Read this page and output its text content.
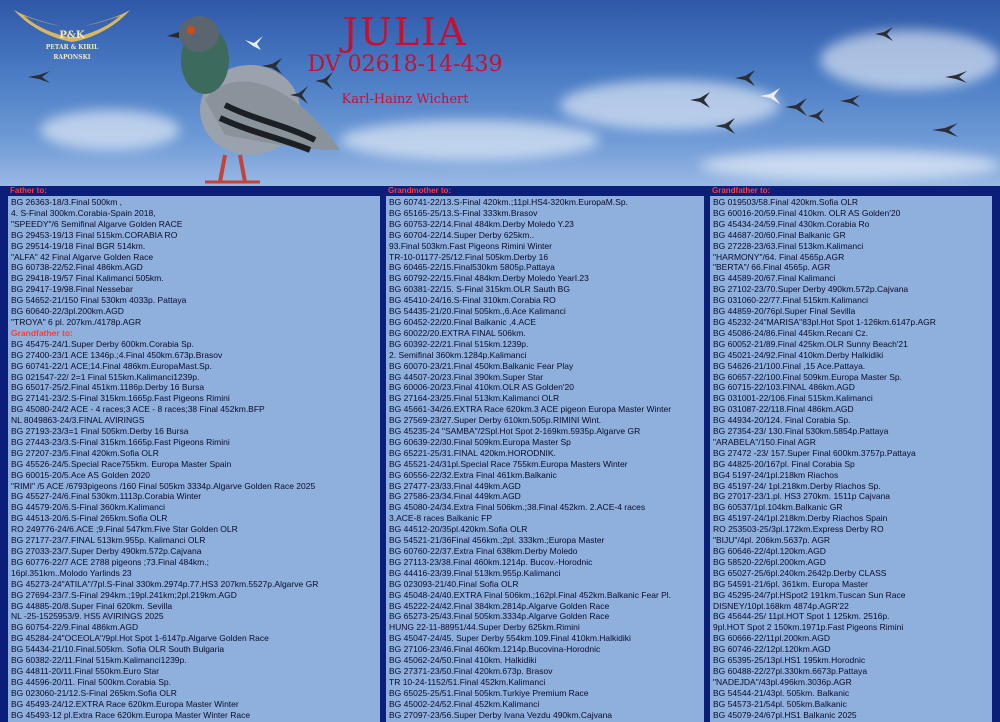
P&K
PETAR & KIRIL
RAPONSKI
JULIA
DV 02618-14-439
Karl-Hainz Wichert
Father to:
BG 26363-18/3.Final 500km ,
4. S-Final 300km.Corabia-Spain 2018,
"SPEEDY"/6 Semifinal Algarve Golden RACE
BG 29453-19/13 Final 515km.CORABIA RO
BG 29514-19/18 Final BGR 514km.
"ALFA" 42 Final Algarve Golden Race
BG 60738-22/52.Final 486km.AGD
BG 29418-19/57 Final Kalimanci 505km.
BG 29417-19/98.Final Nessebar
BG 54652-21/150 Final 530km 4033p. Pattaya
BG 60640-22/3pl.200km.AGD
"TROYA" 6 pl. 207km./4178p.AGR
Grandfather to:
BG 45475-24/1.Super Derby 600km.Corabia Sp.
BG 27400-23/1 ACE 1346p.;4.Final 450km.673p.Brasov
BG 60741-22/1 ACE;14.Final 486km.EuropaMast.Sp.
BG 021547-22/ 2=1 Final 515km.Kalimanci1239p.
BG 65017-25/2.Final 451km.1186p.Derby 16 Bursa
BG 27141-23/2.S-Final 315km.1665p.Fast Pigeons Rimini
BG 45080-24/2 ACE - 4 races;3 ACE - 8 races;38 Final 452km.BFP
NL 8049863-24/3.FINAL AVIRINGS
BG 27193-23/3=1 Final 505km.Derby 16 Bursa
BG 27443-23/3.S-Final 315km.1665p.Fast Pigeons Rimini
BG 27207-23/5.Final 420km.Sofia OLR
BG 45526-24/5.Special Race755km. Europa Master Spain
BG 60015-20/5.Ace AS Golden 2020
"RIMI" /5 ACE /6793pigeons /160 Final 505km 3334p.Algarve Golden Race 2025
BG 45527-24/6.Final 530km.1113p.Corabia Winter
BG 44579-20/6.S-Final 360km.Kalimanci
BG 44513-20/6.S-Final 265km.Sofia OLR
RO 249776-24/6.ACE ;9.Final 547km.Five Star Golden OLR
BG 27177-23/7.FINAL 513km.955p. Kalimanci OLR
BG 27033-23/7.Super Derby 490km.572p.Cajvana
BG 60776-22/7 ACE 2788 pigeons ;73.Final 484km.;
16pl.351km..Molodo Yarlinds 23
BG 45273-24"ATILA"/7pl.S-Final 330km.2974p.77.HS3 207km.5527p.Algarve GR
BG 27694-23/7.S-Final 294km.;19pl.241km;2pl.219km.AGD
BG 44885-20/8.Super Final 620km. Sevilla
NL -25-1525953/9. HS5 AVIRINGS 2025
BG 60754-22/9.Final 486km.AGD
BG 45284-24"OCEOLA"/9pl.Hot Spot 1-6147p.Algarve Golden Race
BG 54434-21/10.Final.505km. Sofia OLR South Bulgaria
BG 60382-22/11.Final 515km.Kalimanci1239p.
BG 44811-20/11.Final 550km.Euro Star
BG 44596-20/11. Final 500km.Corabia Sp.
BG 023060-21/12.S-Final 265km.Sofia OLR
BG 45493-24/12.EXTRA Race 620km.Europa Master Winter
BG 45493-12 pl.Extra Race 620km.Europa Master Winter Race
Grandmother to:
BG 60741-22/13.S-Final 420km.;11pl.HS4-320km.EuropaM.Sp.
BG 65165-25/13.S-Final 333km.Brasov
BG 60753-22/14.Final 484km.Derby Moledo Y.23
BG 60704-22/14.Super Derby 625km..
93.Final 503km.Fast Pigeons Rimini Winter
TR-10-01177-25/12.Final 505km.Derby 16
BG 60465-22/15.Final530km 5805p.Pattaya
BG 60792-22/15.Final 484km.Derby Moledo YearI.23
BG 60381-22/15. S-Final 315km.OLR Sauth BG
BG 45410-24/16.S-Final 310km.Corabia RO
BG 54435-21/20.Final 505km.,6.Ace Kalimanci
BG 60452-22/20.Final Balkanic ,4.ACE
BG 60022/20.EXTRA FINAL 506km.
BG 60392-22/21.Final 515km.1239p.
2. Semifinal 360km.1284p.Kalimanci
BG 60070-23/21.Final 450km.Balkanic Fear Play
BG 44507-20/23.Final 390km.Super Star
BG 60006-20/23.Final 410km.OLR AS Golden'20
BG 27164-23/25.Final 513km.Kalimanci OLR
BG 45661-34/26.EXTRA Race 620km.3 ACE pigeon Europa Master Winter
BG 27569-23/27.Super Derby 610km.505p.RIMINI Wint.
BG 45235-24 "SAMBA"/2Spl.Hot Spot 2-169km.5935p.Algarve GR
BG 60639-22/30.Final 509km.Europa Master Sp
BG 65221-25/31.FINAL 420km.HORODNIK.
BG 45521-24/31pl.Special Race 755km.Europa Masters Winter
BG 60556-22/32.Extra Final 461km.Balkanic
BG 27477-23/33.Final 449km.AGD
BG 27586-23/34.Final 449km.AGD
BG 45080-24/34.Extra Final 506km.;38.Final 452km. 2.ACE-4 races
3.ACE-8 races Balkanic FP
BG 44512-20/35pl.420km.Sofia OLR
BG 54521-21/36Final 456km.;2pl. 333km.;Europa Master
BG 60760-22/37.Extra Final 638km.Derby Moledo
BG 27113-23/38.Final 460km.1214p. Bucov.-Horodnic
BG 44416-23/39.Final 513km.955p.Kalimanci
BG 023093-21/40.Final Sofia OLR
BG 45048-24/40.EXTRA Final 506km.;162pl.Final 452km.Balkanic Fear Pl.
BG 45222-24/42.Final 384km.2814p.Algarve Golden Race
BG 65273-25/43.Final 505km.3334p.Algarve Golden Race
HUNG 22-11-88951/44.Super Derby 625km.Rimini
BG 45047-24/45. Super Derby 554km.109.Final 410km.Halkidiki
BG 27106-23/46.Final 460km.1214p.Bucovina-Horodnic
BG 45062-24/50.Final 410km. Halkidiki
BG 27371-23/50.Final 420km.673p. Brasov
TR 10-24-1152/51.Final 452km.Kalimanci
BG 65025-25/51.Final 505km.Turkiye Premium Race
BG 45002-24/52.Final 452km.Kalimanci
BG 27097-23/56.Super Derby Ivana Vezdu 490km.Cajvana
Grandfather to:
BG 019503/58.Final 420km.Sofia OLR
BG 60016-20/59.Final 410km. OLR AS Golden'20
BG 45434-24/59.Final 430km.Corabia Ro
BG 44687-20/60.Final Balkanic GR
BG 27228-23/63.Final 513km.Kalimanci
"HARMONY"/64. Final 4565p.AGR
"BERTA"/ 66.Final 4565p. AGR
BG 44589-20/67.Final Kalimanci
BG 27102-23/70.Super Derby 490km.572p.Cajvana
BG 031060-22/77.Final 515km.Kalimanci
BG 44859-20/76pl.Super Final Sevilla
BG 45232-24"MARISA"83pl.Hot Spot 1-126km.6147p.AGR
BG 45086-24/86.Final 445km.Recani Cz.
BG 60052-21/89.Final 425km.OLR Sunny Beach'21
BG 45021-24/92.Final 410km.Derby Halkidiki
BG 54626-21/100.Final ,15 Ace.Pattaya.
BG 60657-22/100.Final 509km.Europa Master Sp.
BG 60715-22/103.FINAL 486km.AGD
BG 031001-22/106.Final 515km.Kalimanci
BG 031087-22/118.Final 486km.AGD
BG 44934-20/124. Final Corabia Sp.
BG 27354-23/ 130.Final 530km.5854p.Pattaya
"ARABELA"/150.Final AGR
BG 27472 -23/ 157.Super Final 600km.3757p.Pattaya
BG 44825-20/167pl. Final Corabia Sp
BG4 5197-24/1pl.218km Riachos
BG 45197-24/ 1pl.218km.Derby Riachos Sp.
BG 27017-23/1.pl. HS3 270km. 1511p Cajvana
BG 60537/1pl.104km.Balkanic GR
BG 45197-24/1pl.218km.Derby Riachos Spain
RO 253503-25/3pl.172km.Express Derby RO
"BIJU"/4pl. 206km.5637p. AGR
BG 60646-22/4pl.120km.AGD
BG 58520-22/6pl.200km.AGD
BG 65027-25/6pl.240km.2642p.Derby CLASS
BG 54591-21/6pl. 361km. Europa Master
BG 45295-24/7pl.HSpot2 191km.Tuscan Sun Race
DISNEY/10pl.168km 4874p.AGR'22
BG 45644-25/ 11pl.HOT Spot 1 125km. 2516p.
9pl.HOT Spot 2 150km.1971p.Fast Pigeons Rimini
BG 60666-22/11pl.200km.AGD
BG 60746-22/12pl.120km.AGD
BG 65395-25/13pl.HS1 195km.Horodnic
BG 60488-22/27pl.330km.6673p.Pattaya
"NADEJDA"/43pl.496km.3036p.AGR
BG 54544-21/43pl. 505km. Balkanic
BG 54573-21/54pl. 505km.Balkanic
BG 45079-24/67pl.HS1 Balkanic 2025
